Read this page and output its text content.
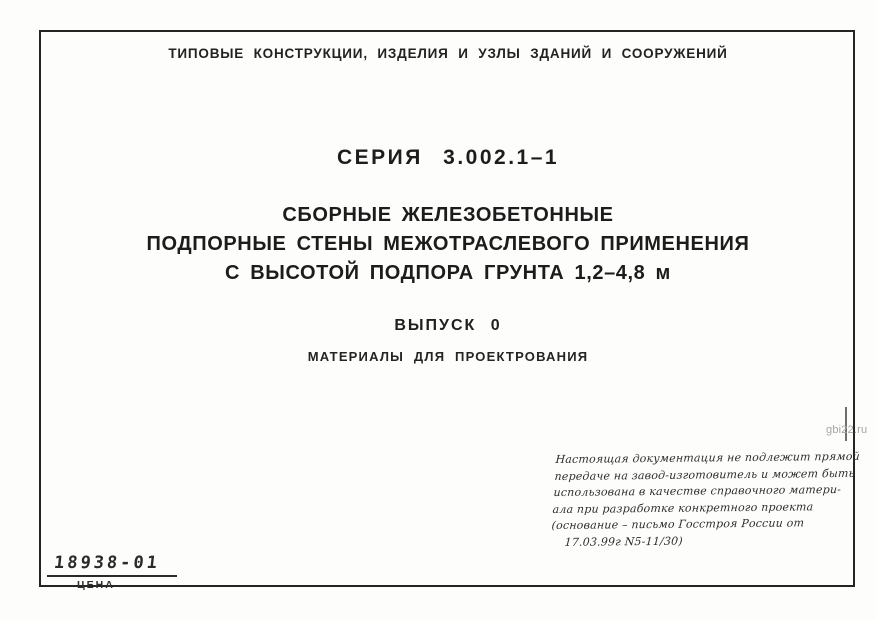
ТИПОВЫЕ КОНСТРУКЦИИ, ИЗДЕЛИЯ И УЗЛЫ ЗДАНИЙ И СООРУЖЕНИЙ
СЕРИЯ 3.002.1–1
СБОРНЫЕ ЖЕЛЕЗОБЕТОННЫЕ
ПОДПОРНЫЕ СТЕНЫ МЕЖОТРАСЛЕВОГО ПРИМЕНЕНИЯ
С ВЫСОТОЙ ПОДПОРА ГРУНТА 1,2–4,8 м
ВЫПУСК 0
МАТЕРИАЛЫ ДЛЯ ПРОЕКТРОВАНИЯ
Настоящая документация не подлежит прямой
передаче на завод-изготовитель и может быть
использована в качестве справочного матери-
ала при разработке конкретного проекта
(основание – письмо Госстроя России от
17.03.99г N5-11/30)
gbi22.ru
18938-01
ЦЕНА
